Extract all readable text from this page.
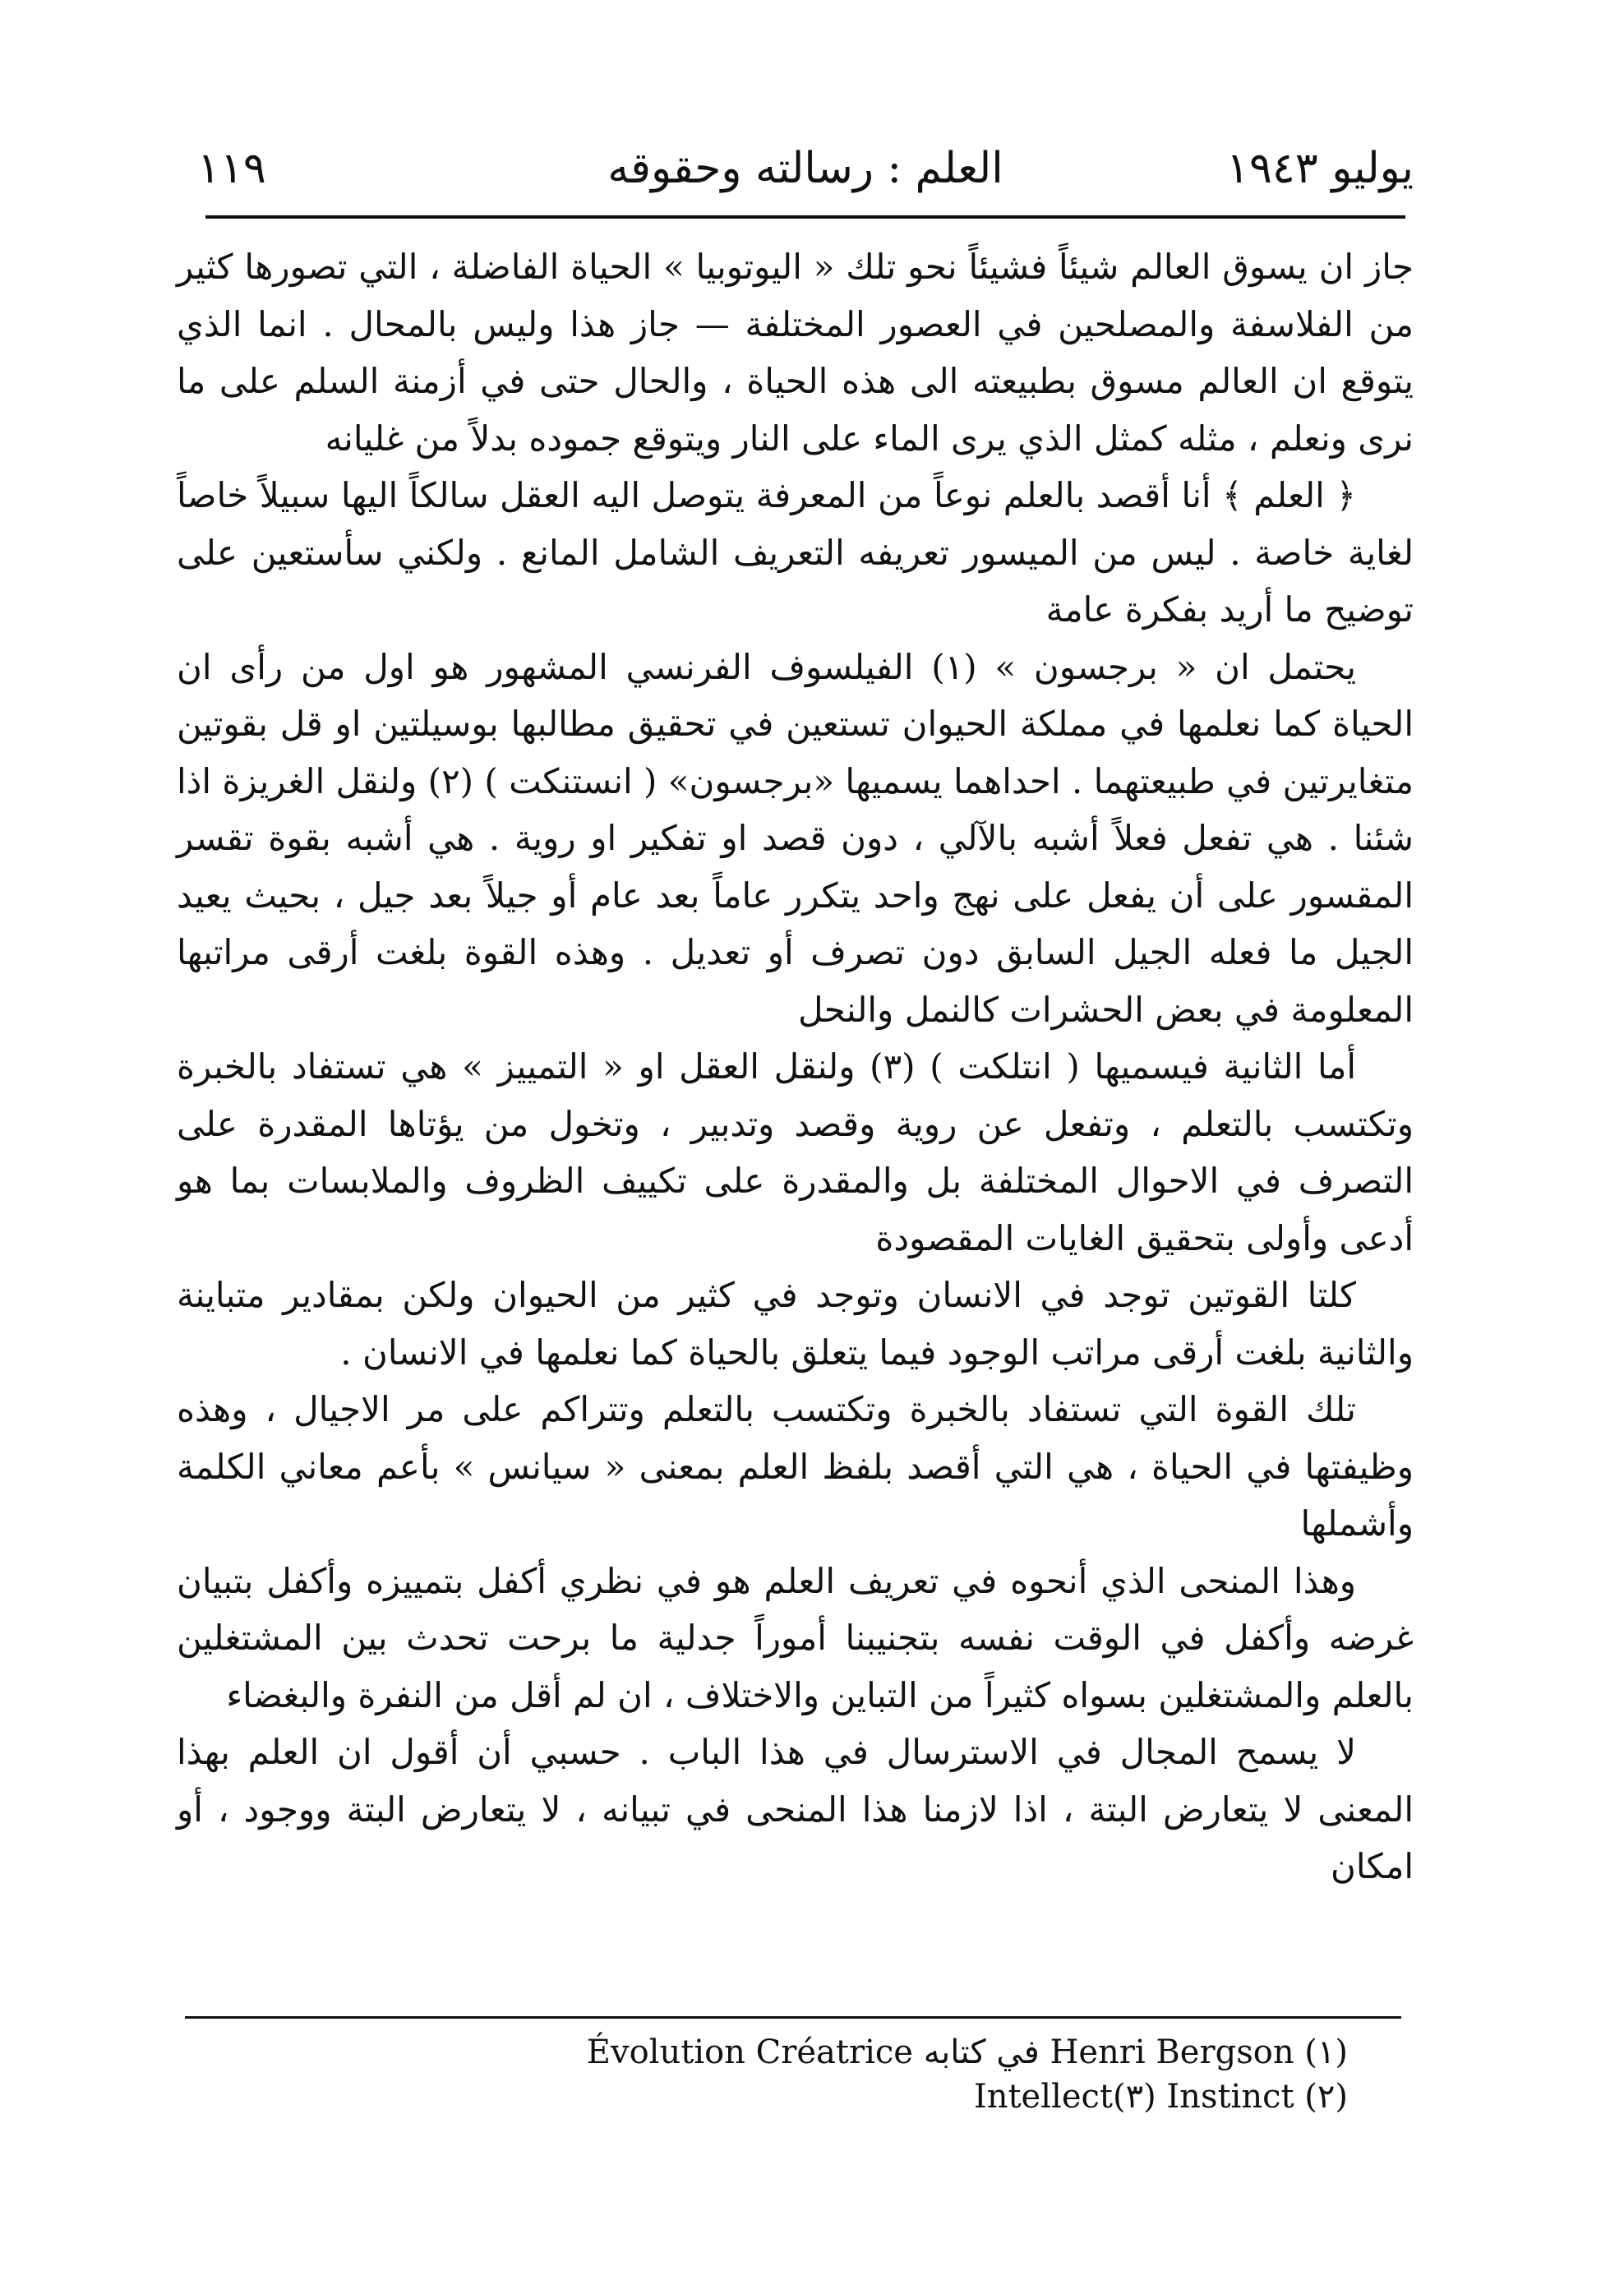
يوليو ١٩٤٣
العلم : رسالته وحقوقه
١١٩

جاز ان يسوق العالم شيئاً فشيئاً نحو تلك « اليوتوبيا » الحياة الفاضلة ، التي تصورها كثير من الفلاسفة والمصلحين في العصور المختلفة — جاز هذا وليس بالمحال . انما الذي يتوقع ان العالم مسوق بطبيعته الى هذه الحياة ، والحال حتى في أزمنة السلم على ما نرى ونعلم ، مثله كمثل الذي يرى الماء على النار ويتوقع جموده بدلاً من غليانه

﴿ العلم ﴾ أنا أقصد بالعلم نوعاً من المعرفة يتوصل اليه العقل سالكاً اليها سبيلاً خاصاً لغاية خاصة . ليس من الميسور تعريفه التعريف الشامل المانع . ولكني سأستعين على توضيح ما أريد بفكرة عامة

يحتمل ان « برجسون » (١) الفيلسوف الفرنسي المشهور هو اول من رأى ان الحياة كما نعلمها في مملكة الحيوان تستعين في تحقيق مطالبها بوسيلتين او قل بقوتين متغايرتين في طبيعتهما . احداهما يسميها «برجسون» ( انستنكت ) (٢) ولنقل الغريزة اذا شئنا . هي تفعل فعلاً أشبه بالآلي ، دون قصد او تفكير او روية . هي أشبه بقوة تقسر المقسور على أن يفعل على نهج واحد يتكرر عاماً بعد عام أو جيلاً بعد جيل ، بحيث يعيد الجيل ما فعله الجيل السابق دون تصرف أو تعديل . وهذه القوة بلغت أرقى مراتبها المعلومة في بعض الحشرات كالنمل والنحل

أما الثانية فيسميها ( انتلكت ) (٣) ولنقل العقل او « التمييز » هي تستفاد بالخبرة وتكتسب بالتعلم ، وتفعل عن روية وقصد وتدبير ، وتخول من يؤتاها المقدرة على التصرف في الاحوال المختلفة بل والمقدرة على تكييف الظروف والملابسات بما هو أدعى وأولى بتحقيق الغايات المقصودة

كلتا القوتين توجد في الانسان وتوجد في كثير من الحيوان ولكن بمقادير متباينة والثانية بلغت أرقى مراتب الوجود فيما يتعلق بالحياة كما نعلمها في الانسان .

تلك القوة التي تستفاد بالخبرة وتكتسب بالتعلم وتتراكم على مر الاجيال ، وهذه وظيفتها في الحياة ، هي التي أقصد بلفظ العلم بمعنى « سيانس » بأعم معاني الكلمة وأشملها

وهذا المنحى الذي أنحوه في تعريف العلم هو في نظري أكفل بتمييزه وأكفل بتبيان غرضه وأكفل في الوقت نفسه بتجنيبنا أموراً جدلية ما برحت تحدث بين المشتغلين بالعلم والمشتغلين بسواه كثيراً من التباين والاختلاف ، ان لم أقل من النفرة والبغضاء

لا يسمح المجال في الاسترسال في هذا الباب . حسبي أن أقول ان العلم بهذا المعنى لا يتعارض البتة ، اذا لازمنا هذا المنحى في تبيانه ، لا يتعارض البتة ووجود ، أو امكان

Évolution Créatrice في كتابه Henri Bergson (١)
Intellect(٣) Instinct (٢)
